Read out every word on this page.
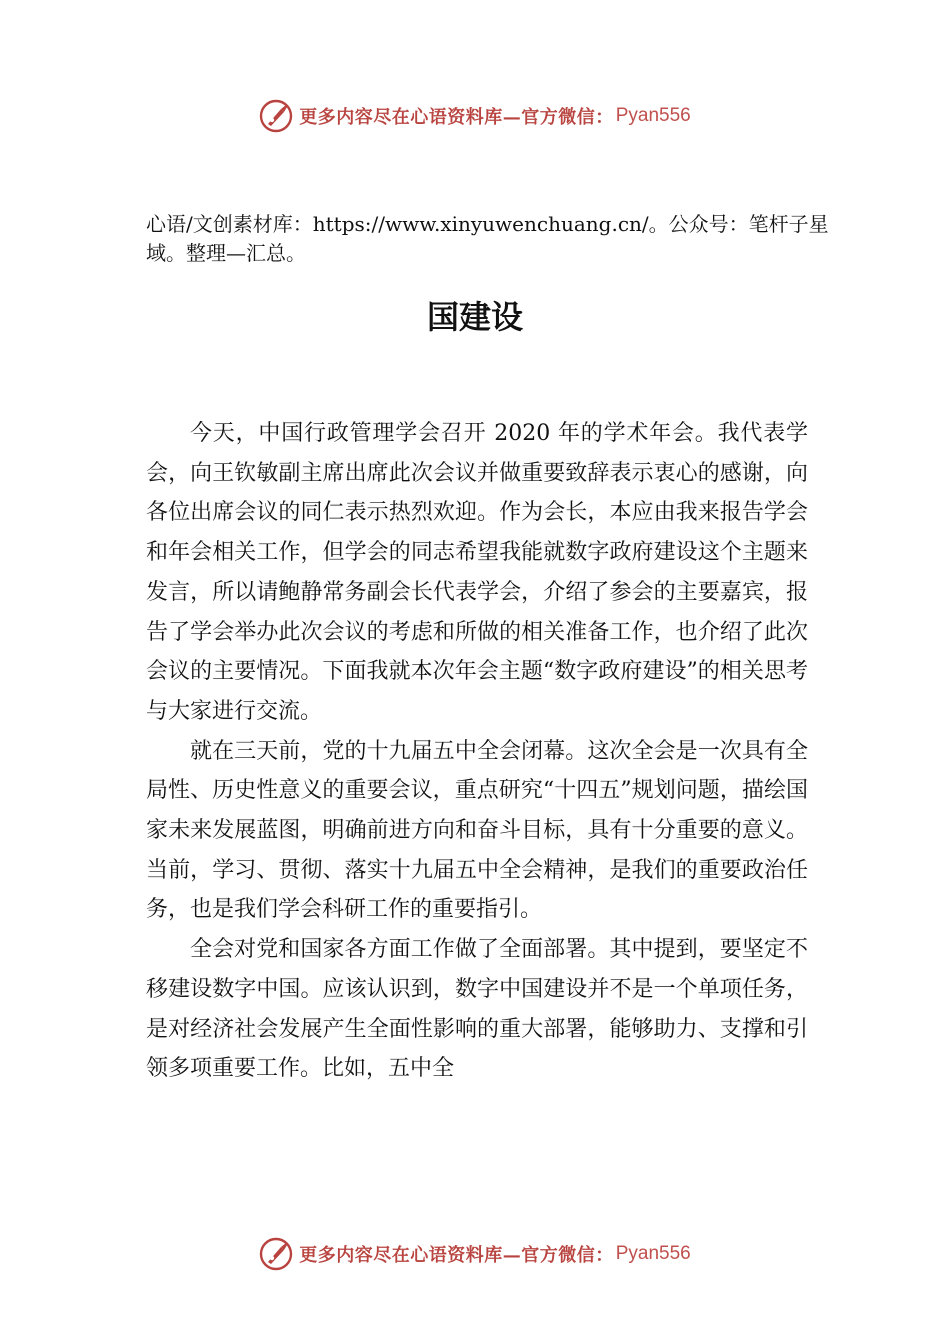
更多内容尽在心语资料库—官方微信： Pyan556
心语/文创素材库：https://www.xinyuwenchuang.cn/。公众号：笔杆子星域。整理—汇总。
国建设

今天，中国行政管理学会召开 2020 年的学术年会。我代表学会，向王钦敏副主席出席此次会议并做重要致辞表示衷心的感谢，向各位出席会议的同仁表示热烈欢迎。作为会长，本应由我来报告学会和年会相关工作，但学会的同志希望我能就数字政府建设这个主题来发言，所以请鲍静常务副会长代表学会，介绍了参会的主要嘉宾，报告了学会举办此次会议的考虑和所做的相关准备工作，也介绍了此次会议的主要情况。下面我就本次年会主题“数字政府建设”的相关思考与大家进行交流。

就在三天前，党的十九届五中全会闭幕。这次全会是一次具有全局性、历史性意义的重要会议，重点研究“十四五”规划问题，描绘国家未来发展蓝图，明确前进方向和奋斗目标，具有十分重要的意义。当前，学习、贯彻、落实十九届五中全会精神，是我们的重要政治任务，也是我们学会科研工作的重要指引。

全会对党和国家各方面工作做了全面部署。其中提到，要坚定不移建设数字中国。应该认识到，数字中国建设并不是一个单项任务，是对经济社会发展产生全面性影响的重大部署，能够助力、支撑和引领多项重要工作。比如，五中全

更多内容尽在心语资料库—官方微信： Pyan556
